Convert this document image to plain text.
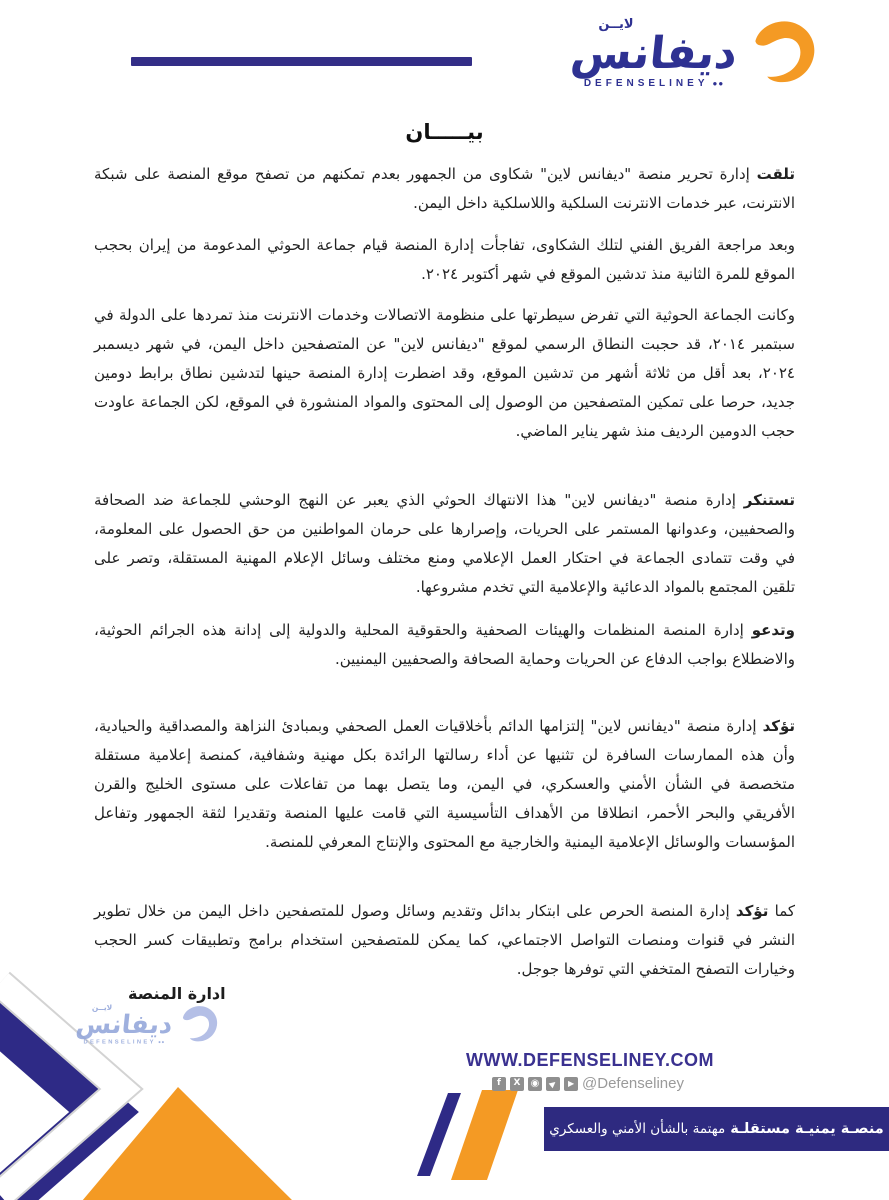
لايــن
ديفانس
DEFENSELINEY ●●
بيـــــان
تلقت إدارة تحرير منصة "ديفانس لاين" شكاوى من الجمهور بعدم تمكنهم من تصفح موقع المنصة على شبكة الانترنت، عبر خدمات الانترنت السلكية واللاسلكية داخل اليمن.
وبعد مراجعة الفريق الفني لتلك الشكاوى، تفاجأت إدارة المنصة قيام جماعة الحوثي المدعومة من إيران بحجب الموقع للمرة الثانية منذ تدشين الموقع في شهر أكتوبر ٢٠٢٤.
وكانت الجماعة الحوثية التي تفرض سيطرتها على منظومة الاتصالات وخدمات الانترنت منذ تمردها على الدولة في سبتمبر ٢٠١٤، قد حجبت النطاق الرسمي لموقع "ديفانس لاين" عن المتصفحين داخل اليمن، في شهر ديسمبر ٢٠٢٤، بعد أقل من ثلاثة أشهر من تدشين الموقع، وقد اضطرت إدارة المنصة حينها لتدشين نطاق برابط دومين جديد، حرصا على تمكين المتصفحين من الوصول إلى المحتوى والمواد المنشورة في الموقع، لكن الجماعة عاودت حجب الدومين الرديف منذ شهر يناير الماضي.
تستنكر إدارة منصة "ديفانس لاين" هذا الانتهاك الحوثي الذي يعبر عن النهج الوحشي للجماعة ضد الصحافة والصحفيين، وعدوانها المستمر على الحريات، وإصرارها على حرمان المواطنين من حق الحصول على المعلومة، في وقت تتمادى الجماعة في احتكار العمل الإعلامي ومنع مختلف وسائل الإعلام المهنية المستقلة، وتصر على تلقين المجتمع بالمواد الدعائية والإعلامية التي تخدم مشروعها.
وتدعو إدارة المنصة المنظمات والهيئات الصحفية والحقوقية المحلية والدولية إلى إدانة هذه الجرائم الحوثية، والاضطلاع بواجب الدفاع عن الحريات وحماية الصحافة والصحفيين اليمنيين.
تؤكد إدارة منصة "ديفانس لاين" إلتزامها الدائم بأخلاقيات العمل الصحفي وبمبادئ النزاهة والمصداقية والحيادية، وأن هذه الممارسات السافرة لن تثنيها عن أداء رسالتها الرائدة بكل مهنية وشفافية، كمنصة إعلامية مستقلة متخصصة في الشأن الأمني والعسكري، في اليمن، وما يتصل بهما من تفاعلات على مستوى الخليج والقرن الأفريقي والبحر الأحمر، انطلاقا من الأهداف التأسيسية التي قامت عليها المنصة وتقديرا لثقة الجمهور وتفاعل المؤسسات والوسائل الإعلامية اليمنية والخارجية مع المحتوى والإنتاج المعرفي للمنصة.
كما تؤكد إدارة المنصة الحرص على ابتكار بدائل وتقديم وسائل وصول للمتصفحين داخل اليمن من خلال تطوير النشر في قنوات ومنصات التواصل الاجتماعي، كما يمكن للمتصفحين استخدام برامج وتطبيقات كسر الحجب وخيارات التصفح المتخفي التي توفرها جوجل.
ادارة المنصة
لايــن
ديفانس
DEFENSELINEY ●●
WWW.DEFENSELINEY.COM
f X ◉ ▶ ▶ @Defenseliney
منصـة يمنيـة مستقلـة
مهتمة بالشأن الأمني والعسكري
